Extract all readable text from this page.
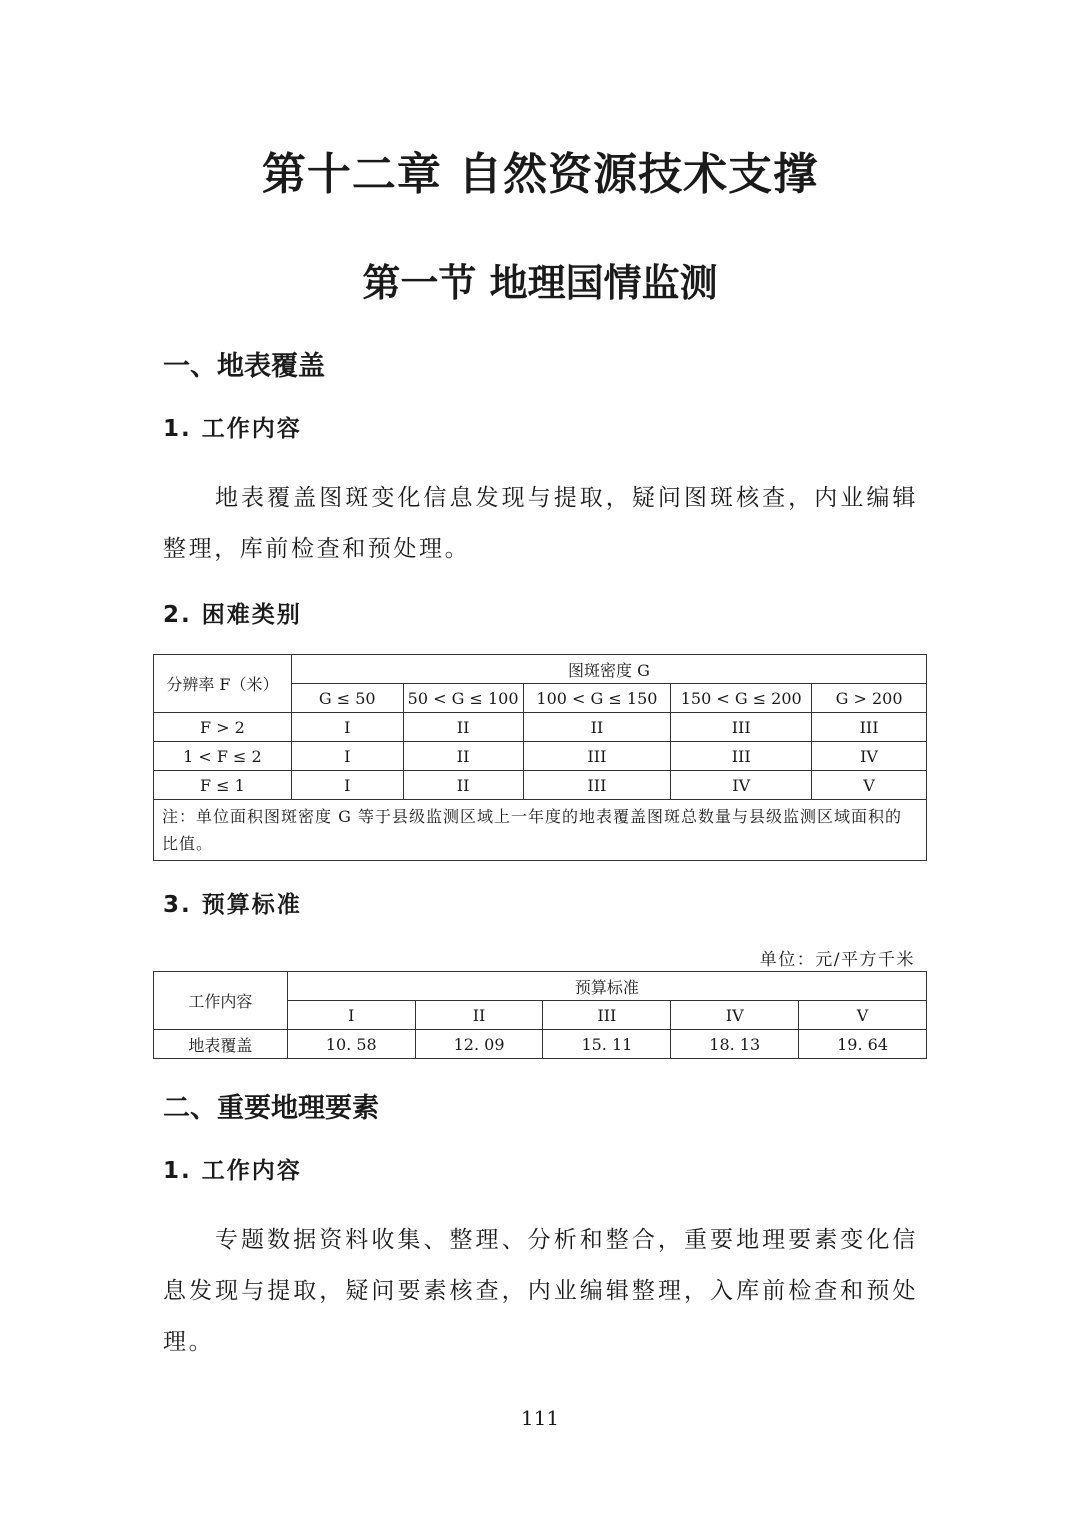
第十二章 自然资源技术支撑
第一节 地理国情监测
一、地表覆盖
1. 工作内容

地表覆盖图斑变化信息发现与提取，疑问图斑核查，内业编辑整理，库前检查和预处理。

2. 困难类别
分辨率 F（米）	图斑密度 G				
	G ≤ 50	50 < G ≤ 100	100 < G ≤ 150	150 < G ≤ 200	G > 200
F > 2	I	II	II	III	III
1 < F ≤ 2	I	II	III	III	IV
F ≤ 1	I	II	III	IV	V
注：单位面积图斑密度 G 等于县级监测区域上一年度的地表覆盖图斑总数量与县级监测区域面积的比值。					
3. 预算标准
单位：元/平方千米
工作内容	预算标准				
	I	II	III	IV	V
地表覆盖	10. 58	12. 09	15. 11	18. 13	19. 64
二、重要地理要素
1. 工作内容

专题数据资料收集、整理、分析和整合，重要地理要素变化信息发现与提取，疑问要素核查，内业编辑整理，入库前检查和预处理。

111
